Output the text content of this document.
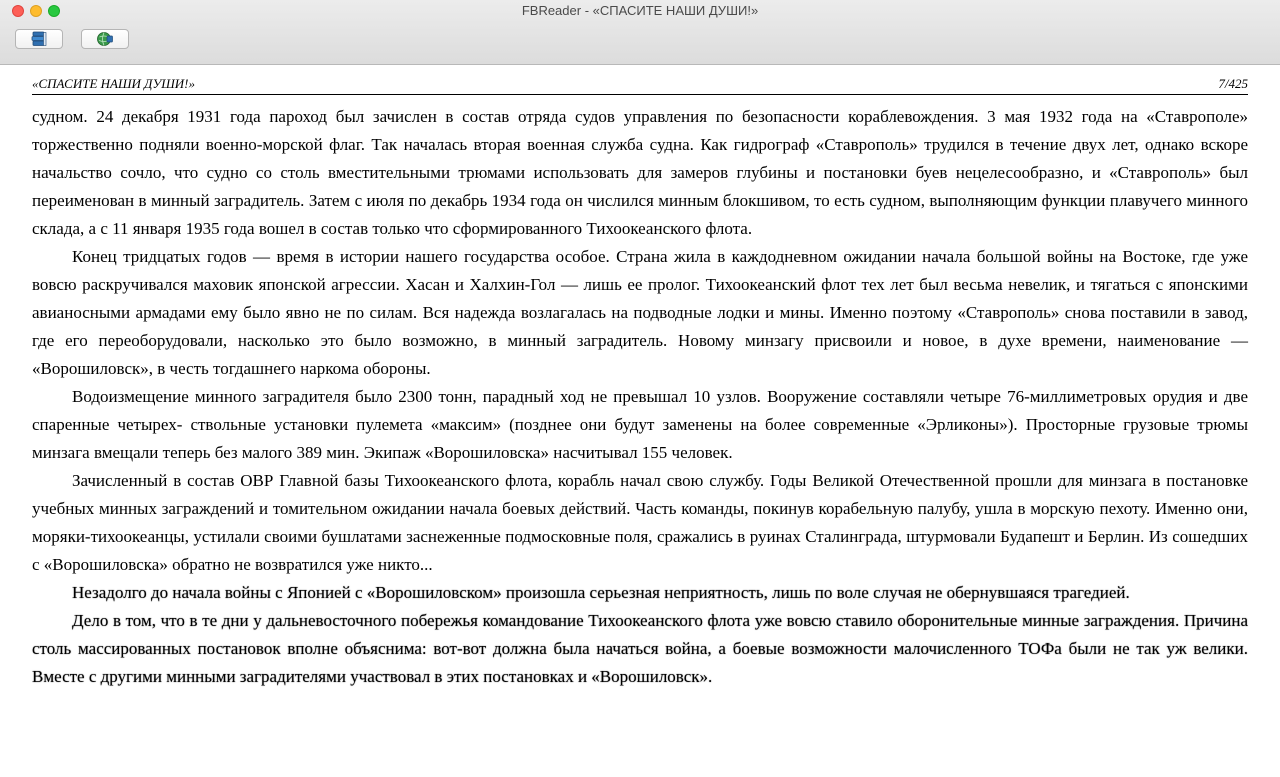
FBReader - «СПАСИТЕ НАШИ ДУШИ!»
«СПАСИТЕ НАШИ ДУШИ!»	7/425

судном. 24 декабря 1931 года пароход был зачислен в состав отряда судов управления по безопасности кораблевождения. 3 мая 1932 года на «Ставрополе» торжественно подняли военно-морской флаг. Так началась вторая военная служба судна. Как гидрограф «Ставрополь» трудился в течение двух лет, однако вскоре начальство сочло, что судно со столь вместительными трюмами использовать для замеров глубины и постановки буев нецелесообразно, и «Ставрополь» был переименован в минный заградитель. Затем с июля по декабрь 1934 года он числился минным блокшивом, то есть судном, выполняющим функции плавучего минного склада, а с 11 января 1935 года вошел в состав только что сформированного Тихоокеанского флота.

Конец тридцатых годов — время в истории нашего государства особое. Страна жила в каждодневном ожидании начала большой войны на Востоке, где уже вовсю раскручивался маховик японской агрессии. Хасан и Халхин-Гол — лишь ее пролог. Тихоокеанский флот тех лет был весьма невелик, и тягаться с японскими авианосными армадами ему было явно не по силам. Вся надежда возлагалась на подводные лодки и мины. Именно поэтому «Ставрополь» снова поставили в завод, где его переоборудовали, насколько это было возможно, в минный заградитель. Новому минзагу присвоили и новое, в духе времени, наименование — «Ворошиловск», в честь тогдашнего наркома обороны.

Водоизмещение минного заградителя было 2300 тонн, парадный ход не превышал 10 узлов. Вооружение составляли четыре 76-миллиметровых орудия и две спаренные четырех- ствольные установки пулемета «максим» (позднее они будут заменены на более современные «Эрликоны»). Просторные грузовые трюмы минзага вмещали теперь без малого 389 мин. Экипаж «Ворошиловска» насчитывал 155 человек.

Зачисленный в состав ОВР Главной базы Тихоокеанского флота, корабль начал свою службу. Годы Великой Отечественной прошли для минзага в постановке учебных минных заграждений и томительном ожидании начала боевых действий. Часть команды, покинув корабельную палубу, ушла в морскую пехоту. Именно они, моряки-тихоокеанцы, устилали своими бушлатами заснеженные подмосковные поля, сражались в руинах Сталинграда, штурмовали Будапешт и Берлин. Из сошедших с «Ворошиловска» обратно не возвратился уже никто...

Незадолго до начала войны с Японией с «Ворошиловском» произошла серьезная неприятность, лишь по воле случая не обернувшаяся трагедией.

Дело в том, что в те дни у дальневосточного побережья командование Тихоокеанского флота уже вовсю ставило оборонительные минные заграждения. Причина столь массированных постановок вполне объяснима: вот-вот должна была начаться война, а боевые возможности малочисленного ТОФа были не так уж велики. Вместе с другими минными заградителями участвовал в этих постановках и «Ворошиловск».
